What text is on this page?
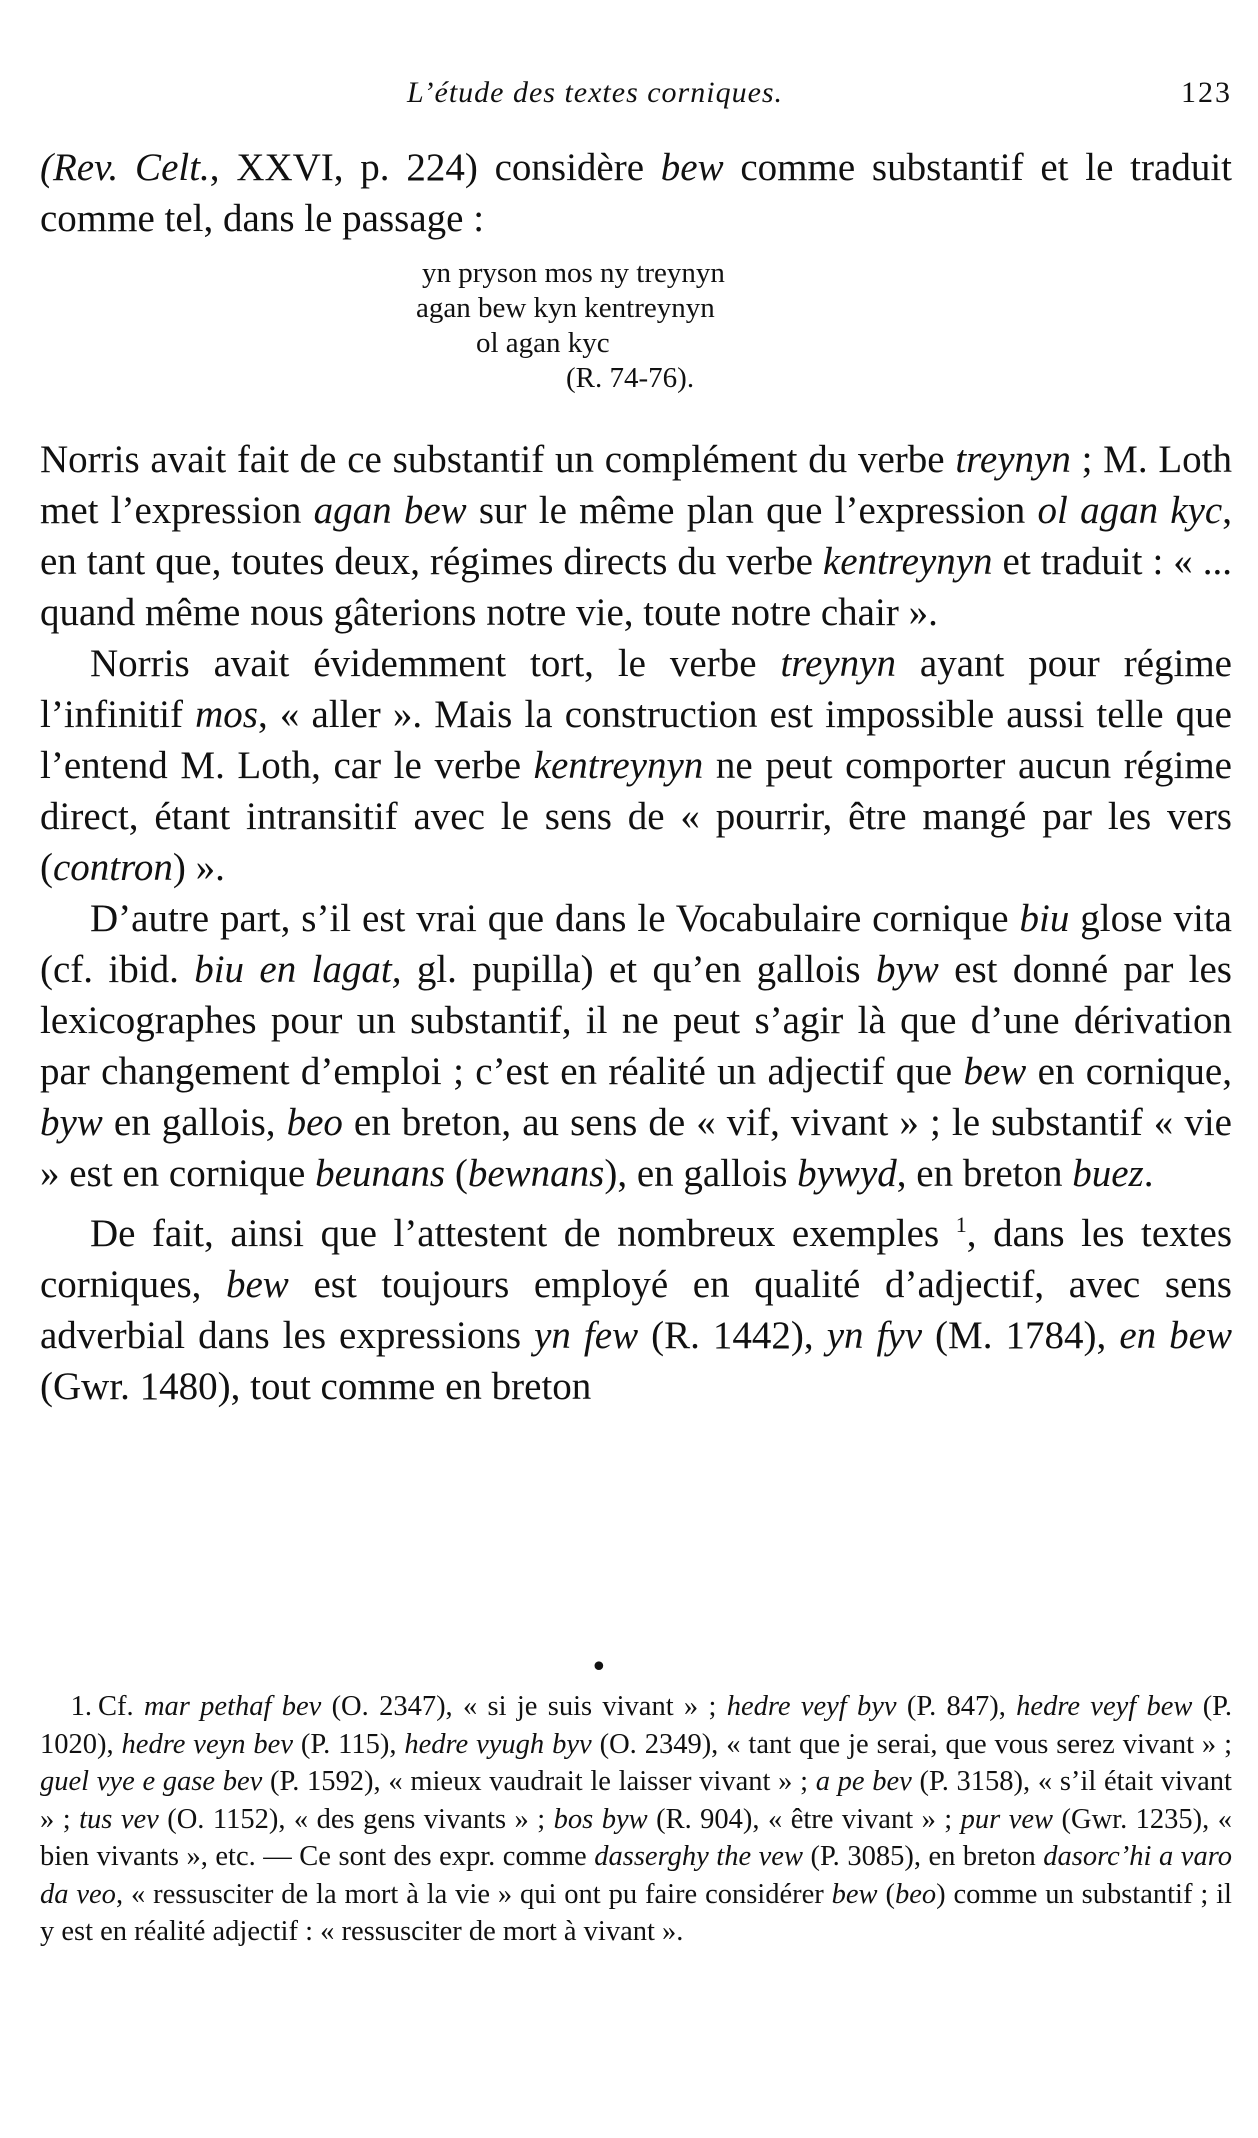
L’étude des textes corniques.	123

(Rev. Celt., XXVI, p. 224) considère bew comme substantif et le traduit comme tel, dans le passage :

yn pryson mos ny treynyn
agan bew kyn kentreynyn
ol agan kyc
(R. 74-76).

Norris avait fait de ce substantif un complément du verbe treynyn ; M. Loth met l’expression agan bew sur le même plan que l’expression ol agan kyc, en tant que, toutes deux, régimes directs du verbe kentreynyn et traduit : « ... quand même nous gâterions notre vie, toute notre chair ».

Norris avait évidemment tort, le verbe treynyn ayant pour régime l’infinitif mos, « aller ». Mais la construction est impossible aussi telle que l’entend M. Loth, car le verbe kentreynyn ne peut comporter aucun régime direct, étant intransitif avec le sens de « pourrir, être mangé par les vers (contron) ».

D’autre part, s’il est vrai que dans le Vocabulaire cornique biu glose vita (cf. ibid. biu en lagat, gl. pupilla) et qu’en gallois byw est donné par les lexicographes pour un substantif, il ne peut s’agir là que d’une dérivation par changement d’emploi ; c’est en réalité un adjectif que bew en cornique, byw en gallois, beo en breton, au sens de « vif, vivant » ; le substantif « vie » est en cornique beunans (bewnans), en gallois bywyd, en breton buez.

De fait, ainsi que l’attestent de nombreux exemples $^1$, dans les textes corniques, bew est toujours employé en qualité d’adjectif, avec sens adverbial dans les expressions yn few (R. 1442), yn fyv (M. 1784), en bew (Gwr. 1480), tout comme en breton

•

1. Cf. mar pethaf bev (O. 2347), « si je suis vivant » ; hedre veyf byv (P. 847), hedre veyf bew (P. 1020), hedre veyn bev (P. 115), hedre vyugh byv (O. 2349), « tant que je serai, que vous serez vivant » ; guel vye e gase bev (P. 1592), « mieux vaudrait le laisser vivant » ; a pe bev (P. 3158), « s’il était vivant » ; tus vev (O. 1152), « des gens vivants » ; bos byw (R. 904), « être vivant » ; pur vew (Gwr. 1235), « bien vivants », etc. — Ce sont des expr. comme dasserghy the vew (P. 3085), en breton dasorc’hi a varo da veo, « ressusciter de la mort à la vie » qui ont pu faire considérer bew (beo) comme un substantif ; il y est en réalité adjectif : « ressusciter de mort à vivant ».
